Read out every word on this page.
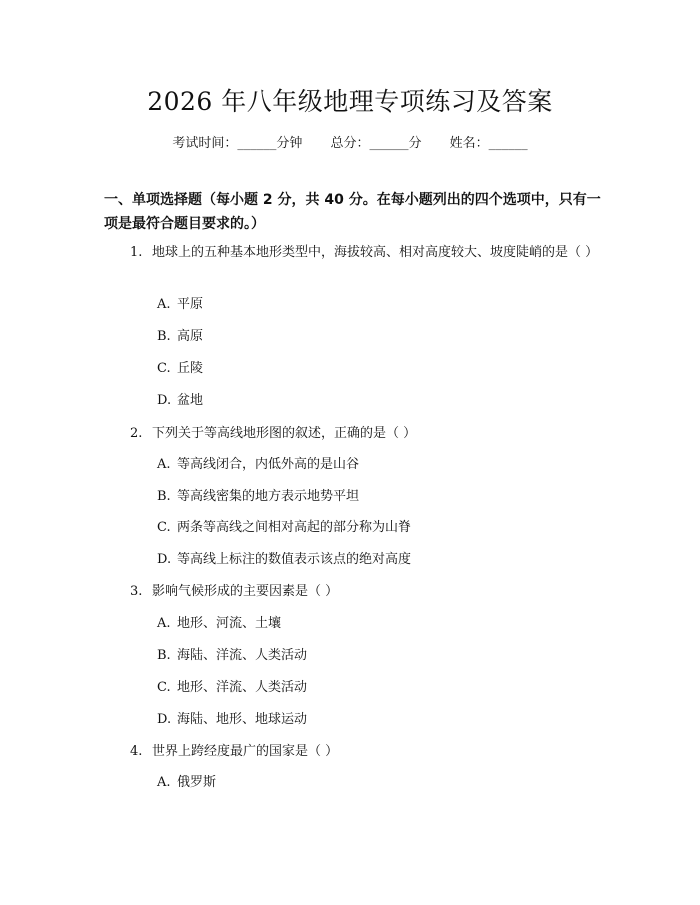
2026 年八年级地理专项练习及答案
考试时间：______分钟 总分：______分 姓名：______
一、单项选择题（每小题 2 分，共 40 分。在每小题列出的四个选项中，只有一项是最符合题目要求的。）
1. 地球上的五种基本地形类型中，海拔较高、相对高度较大、坡度陡峭的是（ ）
A. 平原
B. 高原
C. 丘陵
D. 盆地
2. 下列关于等高线地形图的叙述，正确的是（ ）
A. 等高线闭合，内低外高的是山谷
B. 等高线密集的地方表示地势平坦
C. 两条等高线之间相对高起的部分称为山脊
D. 等高线上标注的数值表示该点的绝对高度
3. 影响气候形成的主要因素是（ ）
A. 地形、河流、土壤
B. 海陆、洋流、人类活动
C. 地形、洋流、人类活动
D. 海陆、地形、地球运动
4. 世界上跨经度最广的国家是（ ）
A. 俄罗斯
